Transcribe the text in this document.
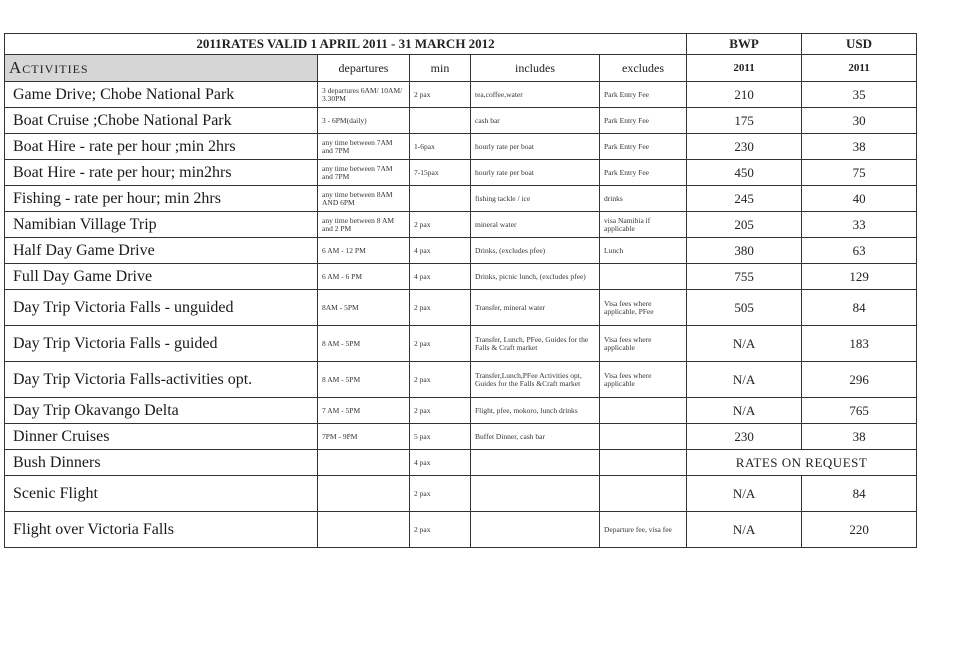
2011RATES VALID 1 APRIL 2011 - 31 MARCH 2012					BWP	USD
Activities	departures	min	includes	excludes	2011	2011
Game Drive; Chobe National Park	3 departures 6AM/ 10AM/ 3.30PM	2 pax	tea,coffee,water	Park Entry Fee	210	35
Boat Cruise ;Chobe National Park	3 - 6PM(daily)		cash bar	Park Entry Fee	175	30
Boat Hire - rate per hour ;min 2hrs	any time between 7AM and 7PM	1-6pax	hourly rate per boat	Park Entry Fee	230	38
Boat Hire - rate per hour; min2hrs	any time between 7AM and 7PM	7-15pax	hourly rate per boat	Park Entry Fee	450	75
Fishing - rate per hour; min 2hrs	any time between 8AM AND 6PM		fishing tackle / ice	drinks	245	40
Namibian Village Trip	any time between 8 AM and 2 PM	2 pax	mineral water	visa Namibia if applicable	205	33
Half Day Game Drive	6 AM - 12 PM	4 pax	Drinks, (excludes pfee)	Lunch	380	63
Full Day Game Drive	6 AM - 6 PM	4 pax	Drinks, picnic lunch, (excludes pfee)		755	129
Day Trip Victoria Falls - unguided	8AM - 5PM	2 pax	Transfer, mineral water	Visa fees where applicable, PFee	505	84
Day Trip Victoria Falls - guided	8 AM - 5PM	2 pax	Transfer, Lunch, PFee, Guides for the Falls & Craft market	Visa fees where applicable	N/A	183
Day Trip Victoria Falls-activities opt.	8 AM - 5PM	2 pax	Transfer,Lunch,PFee Activities opt, Guides for the Falls &Craft market	Visa fees where applicable	N/A	296
Day Trip Okavango Delta	7 AM - 5PM	2 pax	Flight, pfee, mokoro, lunch drinks		N/A	765
Dinner Cruises	7PM - 9PM	5 pax	Buffet Dinner, cash bar		230	38
Bush Dinners		4 pax			RATES ON REQUEST	
Scenic Flight		2 pax			N/A	84
Flight over Victoria Falls		2 pax		Departure fee, visa fee	N/A	220
